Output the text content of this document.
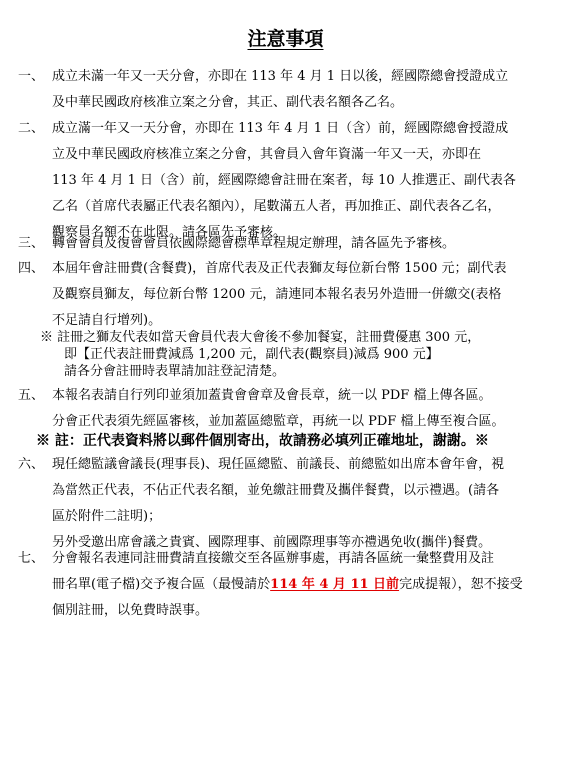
注意事項
一、 成立未滿一年又一天分會，亦即在 113 年 4 月 1 日以後，經國際總會授證成立
及中華民國政府核准立案之分會，其正、副代表名額各乙名。
二、 成立滿一年又一天分會，亦即在 113 年 4 月 1 日（含）前，經國際總會授證成
立及中華民國政府核准立案之分會，其會員入會年資滿一年又一天，亦即在
113 年 4 月 1 日（含）前，經國際總會註冊在案者，每 10 人推選正、副代表各
乙名（首席代表屬正代表名額內），尾數滿五人者，再加推正、副代表各乙名，
觀察員名額不在此限。請各區先予審核。
三、 轉會會員及復會會員依國際總會標準章程規定辦理，請各區先予審核。
四、 本屆年會註冊費(含餐費)，首席代表及正代表獅友每位新台幣 1500 元；副代表
及觀察員獅友，每位新台幣 1200 元，請連同本報名表另外造冊一併繳交(表格
不足請自行增列)。
※ 註冊之獅友代表如當天會員代表大會後不參加餐宴，註冊費優惠 300 元，
即【正代表註冊費減爲 1,200 元，副代表(觀察員)減爲 900 元】
請各分會註冊時表單請加註登記清楚。
五、 本報名表請自行列印並須加蓋貴會會章及會長章，統一以 PDF 檔上傳各區。
分會正代表須先經區審核，並加蓋區總監章，再統一以 PDF 檔上傳至複合區。
※ 註：正代表資料將以郵件個別寄出，故請務必填列正確地址，謝謝。※
六、 現任總監議會議長(理事長)、現任區總監、前議長、前總監如出席本會年會，視
為當然正代表，不佔正代表名額，並免繳註冊費及攜伴餐費，以示禮遇。(請各
區於附件二註明)；
另外受邀出席會議之貴賓、國際理事、前國際理事等亦禮遇免收(攜伴)餐費。
七、 分會報名表連同註冊費請直接繳交至各區辦事處，再請各區統一彙整費用及註
冊名單(電子檔)交予複合區（最慢請於114 年 4 月 11 日前完成提報），恕不接受
個別註冊，以免費時誤事。
